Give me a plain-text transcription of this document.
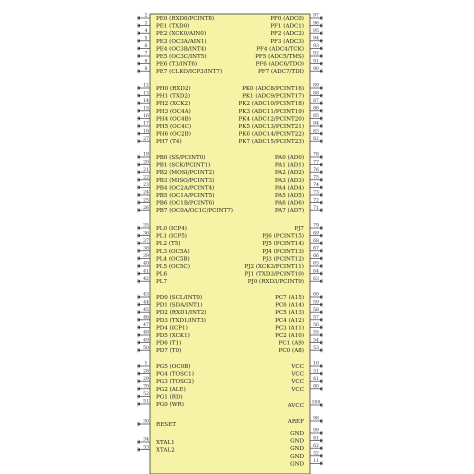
2 PE0 (RXD0/PCINT8)
3 PE1 (TXD0)
4 PE2 (XCK0/AIN0)
5 PE3 (OC3A/AIN1)
6 PE4 (OC3B/INT4)
7 PE5 (OC3C/INT5)
8 PE6 (T3/INT6)
9 PE7 (CLKO/ICP3/INT7)
12 PH0 (RXD2)
13 PH1 (TXD2)
14 PH2 (XCK2)
15 PH3 (OC4A)
16 PH4 (OC4B)
17 PH5 (OC4C)
18 PH6 (OC2B)
27 PH7 (T4)
19 PB0 (SS/PCINT0)
20 PB1 (SCK/PCINT1)
21 PB2 (MOSI/PCINT2)
22 PB3 (MISO/PCINT3)
23 PB4 (OC2A/PCINT4)
24 PB5 (OC1A/PCINT5)
25 PB6 (OC1B/PCINT6)
26 PB7 (OC0A/OC1C/PCINT7)
35 PL0 (ICP4)
36 PL1 (ICP5)
37 PL2 (T5)
38 PL3 (OC5A)
39 PL4 (OC5B)
40 PL5 (OC5C)
41 PL6
42 PL7
43 PD0 (SCL/INT0)
44 PD1 (SDA/INT1)
45 PD2 (RXD1/INT2)
46 PD3 (TXD1/INT3)
47 PD4 (ICP1)
48 PD5 (XCK1)
49 PD6 (T1)
50 PD7 (T0)
1 PG5 (OC0B)
28 PG4 (TOSC1)
29 PG3 (TOSC2)
70 PG2 (ALE)
52 PG1 (RD)
51 PG0 (WR)
30 RESET
34 XTAL1
33 XTAL2
97
PF0 (ADC0)
96
PF1 (ADC1)
95
PF2 (ADC2)
94
PF3 (ADC3)
93
PF4 (ADC4/TCK)
92
PF5 (ADC5/TMS)
91
PF6 (ADC6/TDO)
90
PF7 (ADC7/TDI)
89
PK0 (ADC8/PCINT16)
88
PK1 (ADC9/PCINT17)
87
PK2 (ADC10/PCINT18)
86
PK3 (ADC11/PCINT19)
85
PK4 (ADC12/PCINT20)
84
PK5 (ADC13/PCINT21)
83
PK6 (ADC14/PCINT22)
82
PK7 (ADC15/PCINT23)
78
PA0 (AD0)
77
PA1 (AD1)
76
PA2 (AD2)
75
PA3 (AD3)
74
PA4 (AD4)
73
PA5 (AD5)
72
PA6 (AD6)
71
PA7 (AD7)
79
PJ7
69
PJ6 (PCINT15)
68
PJ5 (PCINT14)
67
PJ4 (PCINT13)
66
PJ3 (PCINT12)
65
PJ2 (XCK3/PCINT11)
64
PJ1 (TXD3/PCINT10)
63
PJ0 (RXD3/PCINT9)
60
PC7 (A15)
59
PC6 (A14)
58
PC5 (A13)
57
PC4 (A12)
56
PC3 (A11)
55
PC2 (A10)
54
PC1 (A9)
53
PC0 (A8)
10
VCC
31
VCC
61
VCC
80
VCC
100
AVCC
98
AREF
99
GND
81
GND
62
GND
32
GND
11
GND
